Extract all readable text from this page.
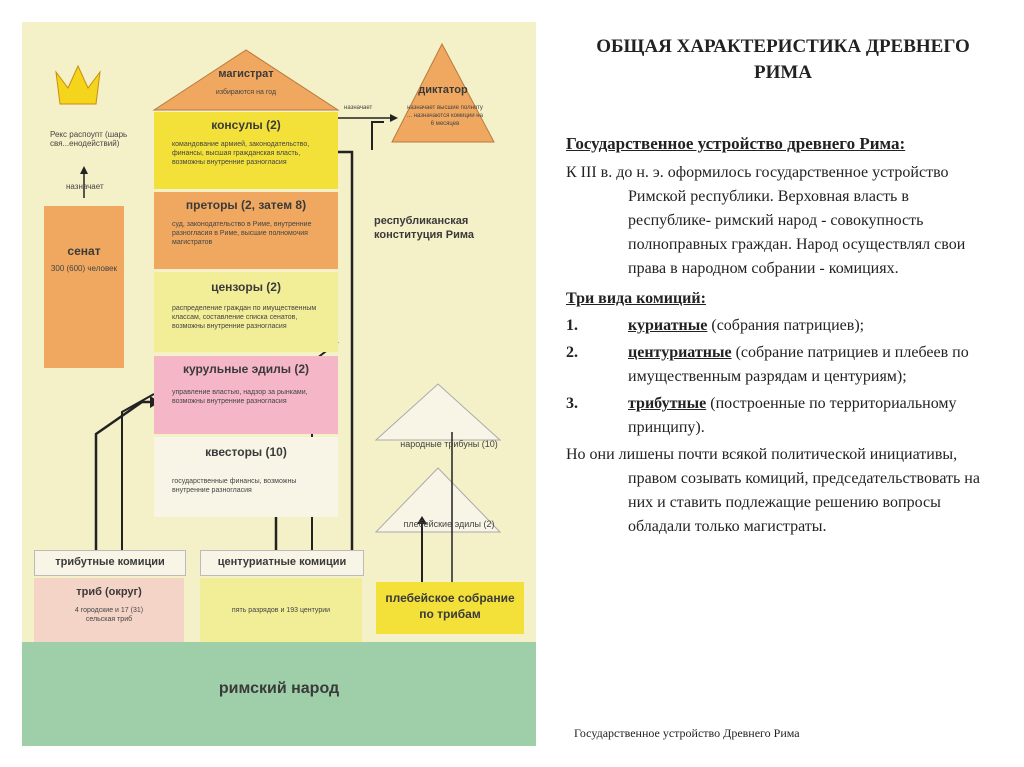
Рекс распоупт (шарь свя...енодействий)
назначает
сенат
300 (600) человек
магистрат
избираются на год	диктатор
назначает высшие полноту ... назначаются комиции на 6 месяцев
назначает
консулы (2)
командование армией, законодательство, финансы, высшая гражданская власть, возможны внутренние разногласия
преторы (2, затем 8)
суд, законодательство в Риме, внутренние разногласия в Риме, высшие полномочия магистратов
цензоры (2)
распределение граждан по имущественным классам, составление списка сенатов, возможны внутренние разногласия
курульные эдилы (2)
управление властью, надзор за рынками, возможны внутренние разногласия
квесторы (10)
государственные финансы, возможны внутренние разногласия
республиканская конституция Рима
народные трибуны (10)
плебейские эдилы (2)
трибутные комиции
триб (округ)
4 городские и 17 (31) сельская триб
центуриатные комиции
пять разрядов и 193 центурии
плебейское собрание по трибам
римский народ
ОБЩАЯ ХАРАКТЕРИСТИКА ДРЕВНЕГО РИМА
Государственное устройство древнего Рима:
К III в. до н. э. оформилось государственное устройство Римской республики. Верховная власть в республике- римский народ - совокупность полноправных граждан. Народ осуществлял свои права в народном собрании - комициях.
Три вида комиций:
1.	куриатные (собрания патрициев);
2.	центуриатные (собрание патрициев и плебеев по имущественным разрядам и центуриям);
3.	трибутные (построенные по территориальному принципу).
Но они лишены почти всякой политической инициативы, правом созывать комиций, председательствовать на них и ставить подлежащие решению вопросы обладали только магистраты.
Государственное устройство Древнего Рима
